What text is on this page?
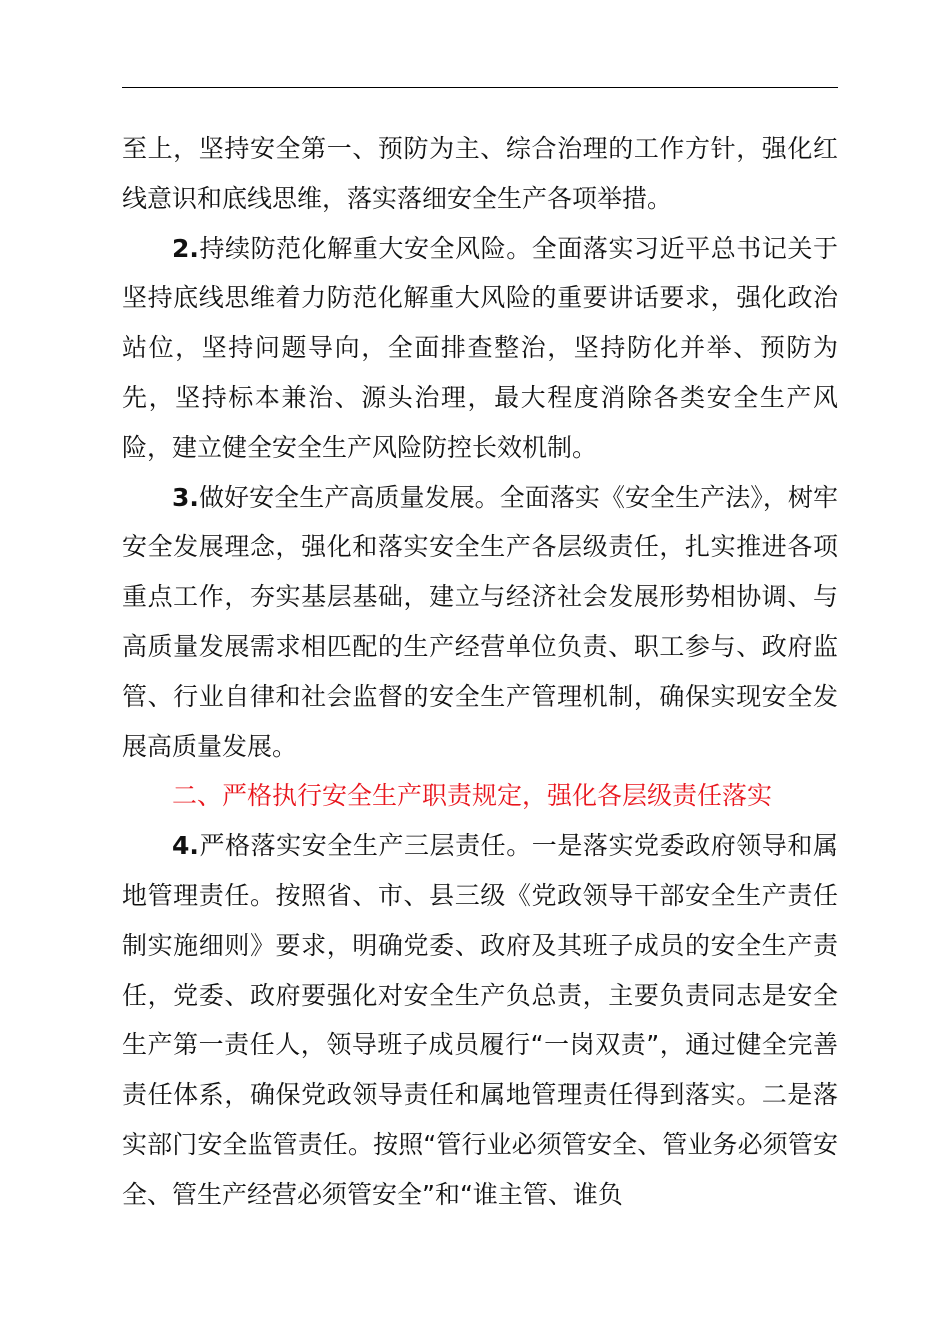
至上，坚持安全第一、预防为主、综合治理的工作方针，强化红线意识和底线思维，落实落细安全生产各项举措。

2.持续防范化解重大安全风险。全面落实习近平总书记关于坚持底线思维着力防范化解重大风险的重要讲话要求，强化政治站位，坚持问题导向，全面排查整治，坚持防化并举、预防为先，坚持标本兼治、源头治理，最大程度消除各类安全生产风险，建立健全安全生产风险防控长效机制。

3.做好安全生产高质量发展。全面落实《安全生产法》，树牢安全发展理念，强化和落实安全生产各层级责任，扎实推进各项重点工作，夯实基层基础，建立与经济社会发展形势相协调、与高质量发展需求相匹配的生产经营单位负责、职工参与、政府监管、行业自律和社会监督的安全生产管理机制，确保实现安全发展高质量发展。

二、严格执行安全生产职责规定，强化各层级责任落实

4.严格落实安全生产三层责任。一是落实党委政府领导和属地管理责任。按照省、市、县三级《党政领导干部安全生产责任制实施细则》要求，明确党委、政府及其班子成员的安全生产责任，党委、政府要强化对安全生产负总责，主要负责同志是安全生产第一责任人，领导班子成员履行“一岗双责”，通过健全完善责任体系，确保党政领导责任和属地管理责任得到落实。二是落实部门安全监管责任。按照“管行业必须管安全、管业务必须管安全、管生产经营必须管安全”和“谁主管、谁负
